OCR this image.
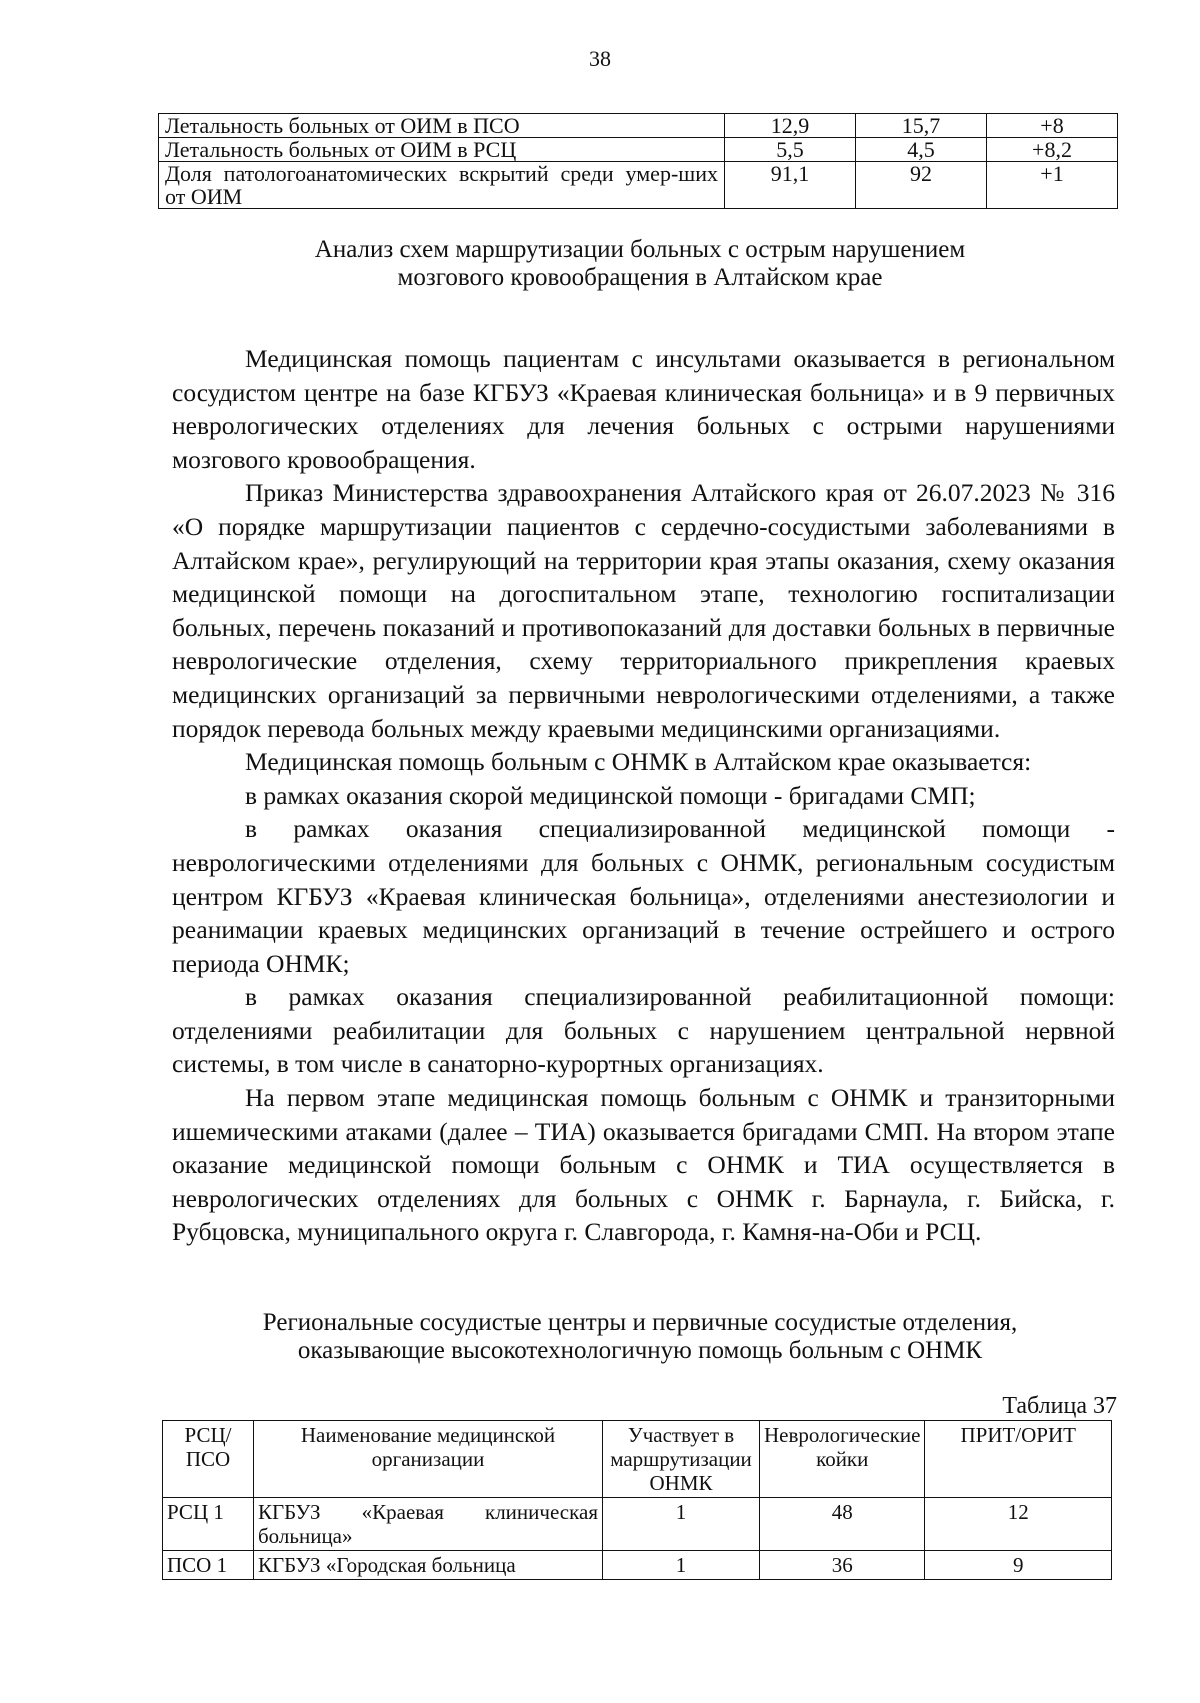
38
Летальность больных от ОИМ в ПСО	12,9	15,7	+8
Летальность больных от ОИМ в РСЦ	5,5	4,5	+8,2
Доля патологоанатомических вскрытий среди умер-ших от ОИМ	91,1	92	+1
Анализ схем маршрутизации больных с острым нарушением
мозгового кровообращения в Алтайском крае

Медицинская помощь пациентам с инсультами оказывается в региональном сосудистом центре на базе КГБУЗ «Краевая клиническая больница» и в 9 первичных неврологических отделениях для лечения больных с острыми нарушениями мозгового кровообращения.

Приказ Министерства здравоохранения Алтайского края от 26.07.2023 № 316 «О порядке маршрутизации пациентов с сердечно-сосудистыми заболеваниями в Алтайском крае», регулирующий на территории края этапы оказания, схему оказания медицинской помощи на догоспитальном этапе, технологию госпитализации больных, перечень показаний и противопоказаний для доставки больных в первичные неврологические отделения, схему территориального прикрепления краевых медицинских организаций за первичными неврологическими отделениями, а также порядок перевода больных между краевыми медицинскими организациями.

Медицинская помощь больным с ОНМК в Алтайском крае оказывается:

в рамках оказания скорой медицинской помощи - бригадами СМП;

в рамках оказания специализированной медицинской помощи - неврологическими отделениями для больных с ОНМК, региональным сосудистым центром КГБУЗ «Краевая клиническая больница», отделениями анестезиологии и реанимации краевых медицинских организаций в течение острейшего и острого периода ОНМК;

в рамках оказания специализированной реабилитационной помощи: отделениями реабилитации для больных с нарушением центральной нервной системы, в том числе в санаторно-курортных организациях.

На первом этапе медицинская помощь больным с ОНМК и транзиторными ишемическими атаками (далее – ТИА) оказывается бригадами СМП. На втором этапе оказание медицинской помощи больным с ОНМК и ТИА осуществляется в неврологических отделениях для больных с ОНМК г. Барнаула, г. Бийска, г. Рубцовска, муниципального округа г. Славгорода, г. Камня-на-Оби и РСЦ.

Региональные сосудистые центры и первичные сосудистые отделения,
оказывающие высокотехнологичную помощь больным с ОНМК
Таблица 37
РСЦ/ ПСО	Наименование медицинской организации	Участвует в маршрутизации ОНМК	Неврологические койки	ПРИТ/ОРИТ
РСЦ 1	КГБУЗ «Краевая клиническая больница»	1	48	12
ПСО 1	КГБУЗ «Городская больница	1	36	9
